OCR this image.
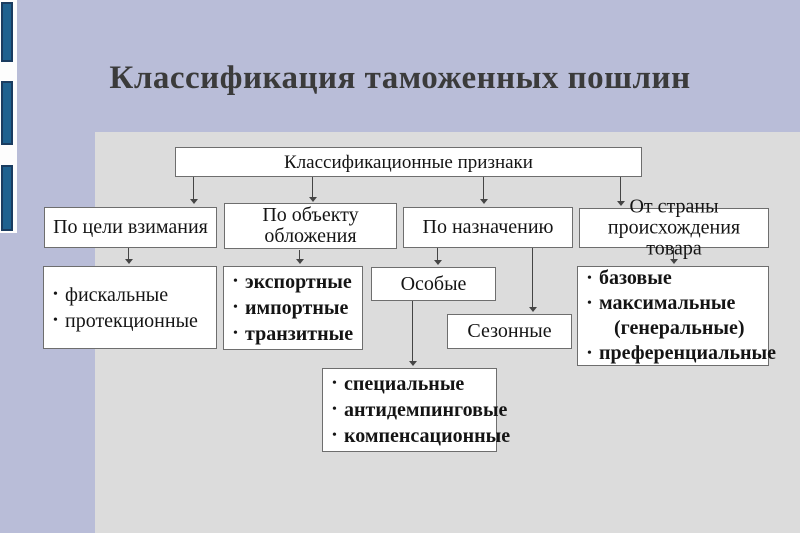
Классификация таможенных пошлин
Классификационные признаки
По цели взимания
По объекту обложения	По назначению
От страны происхождения товара
• фискальные
• протекционные
• экспортные
• импортные
• транзитные
Особые
Сезонные
• базовые
• максимальные
(генеральные)
• преференциальные
• специальные
• антидемпинговые
• компенсационные
